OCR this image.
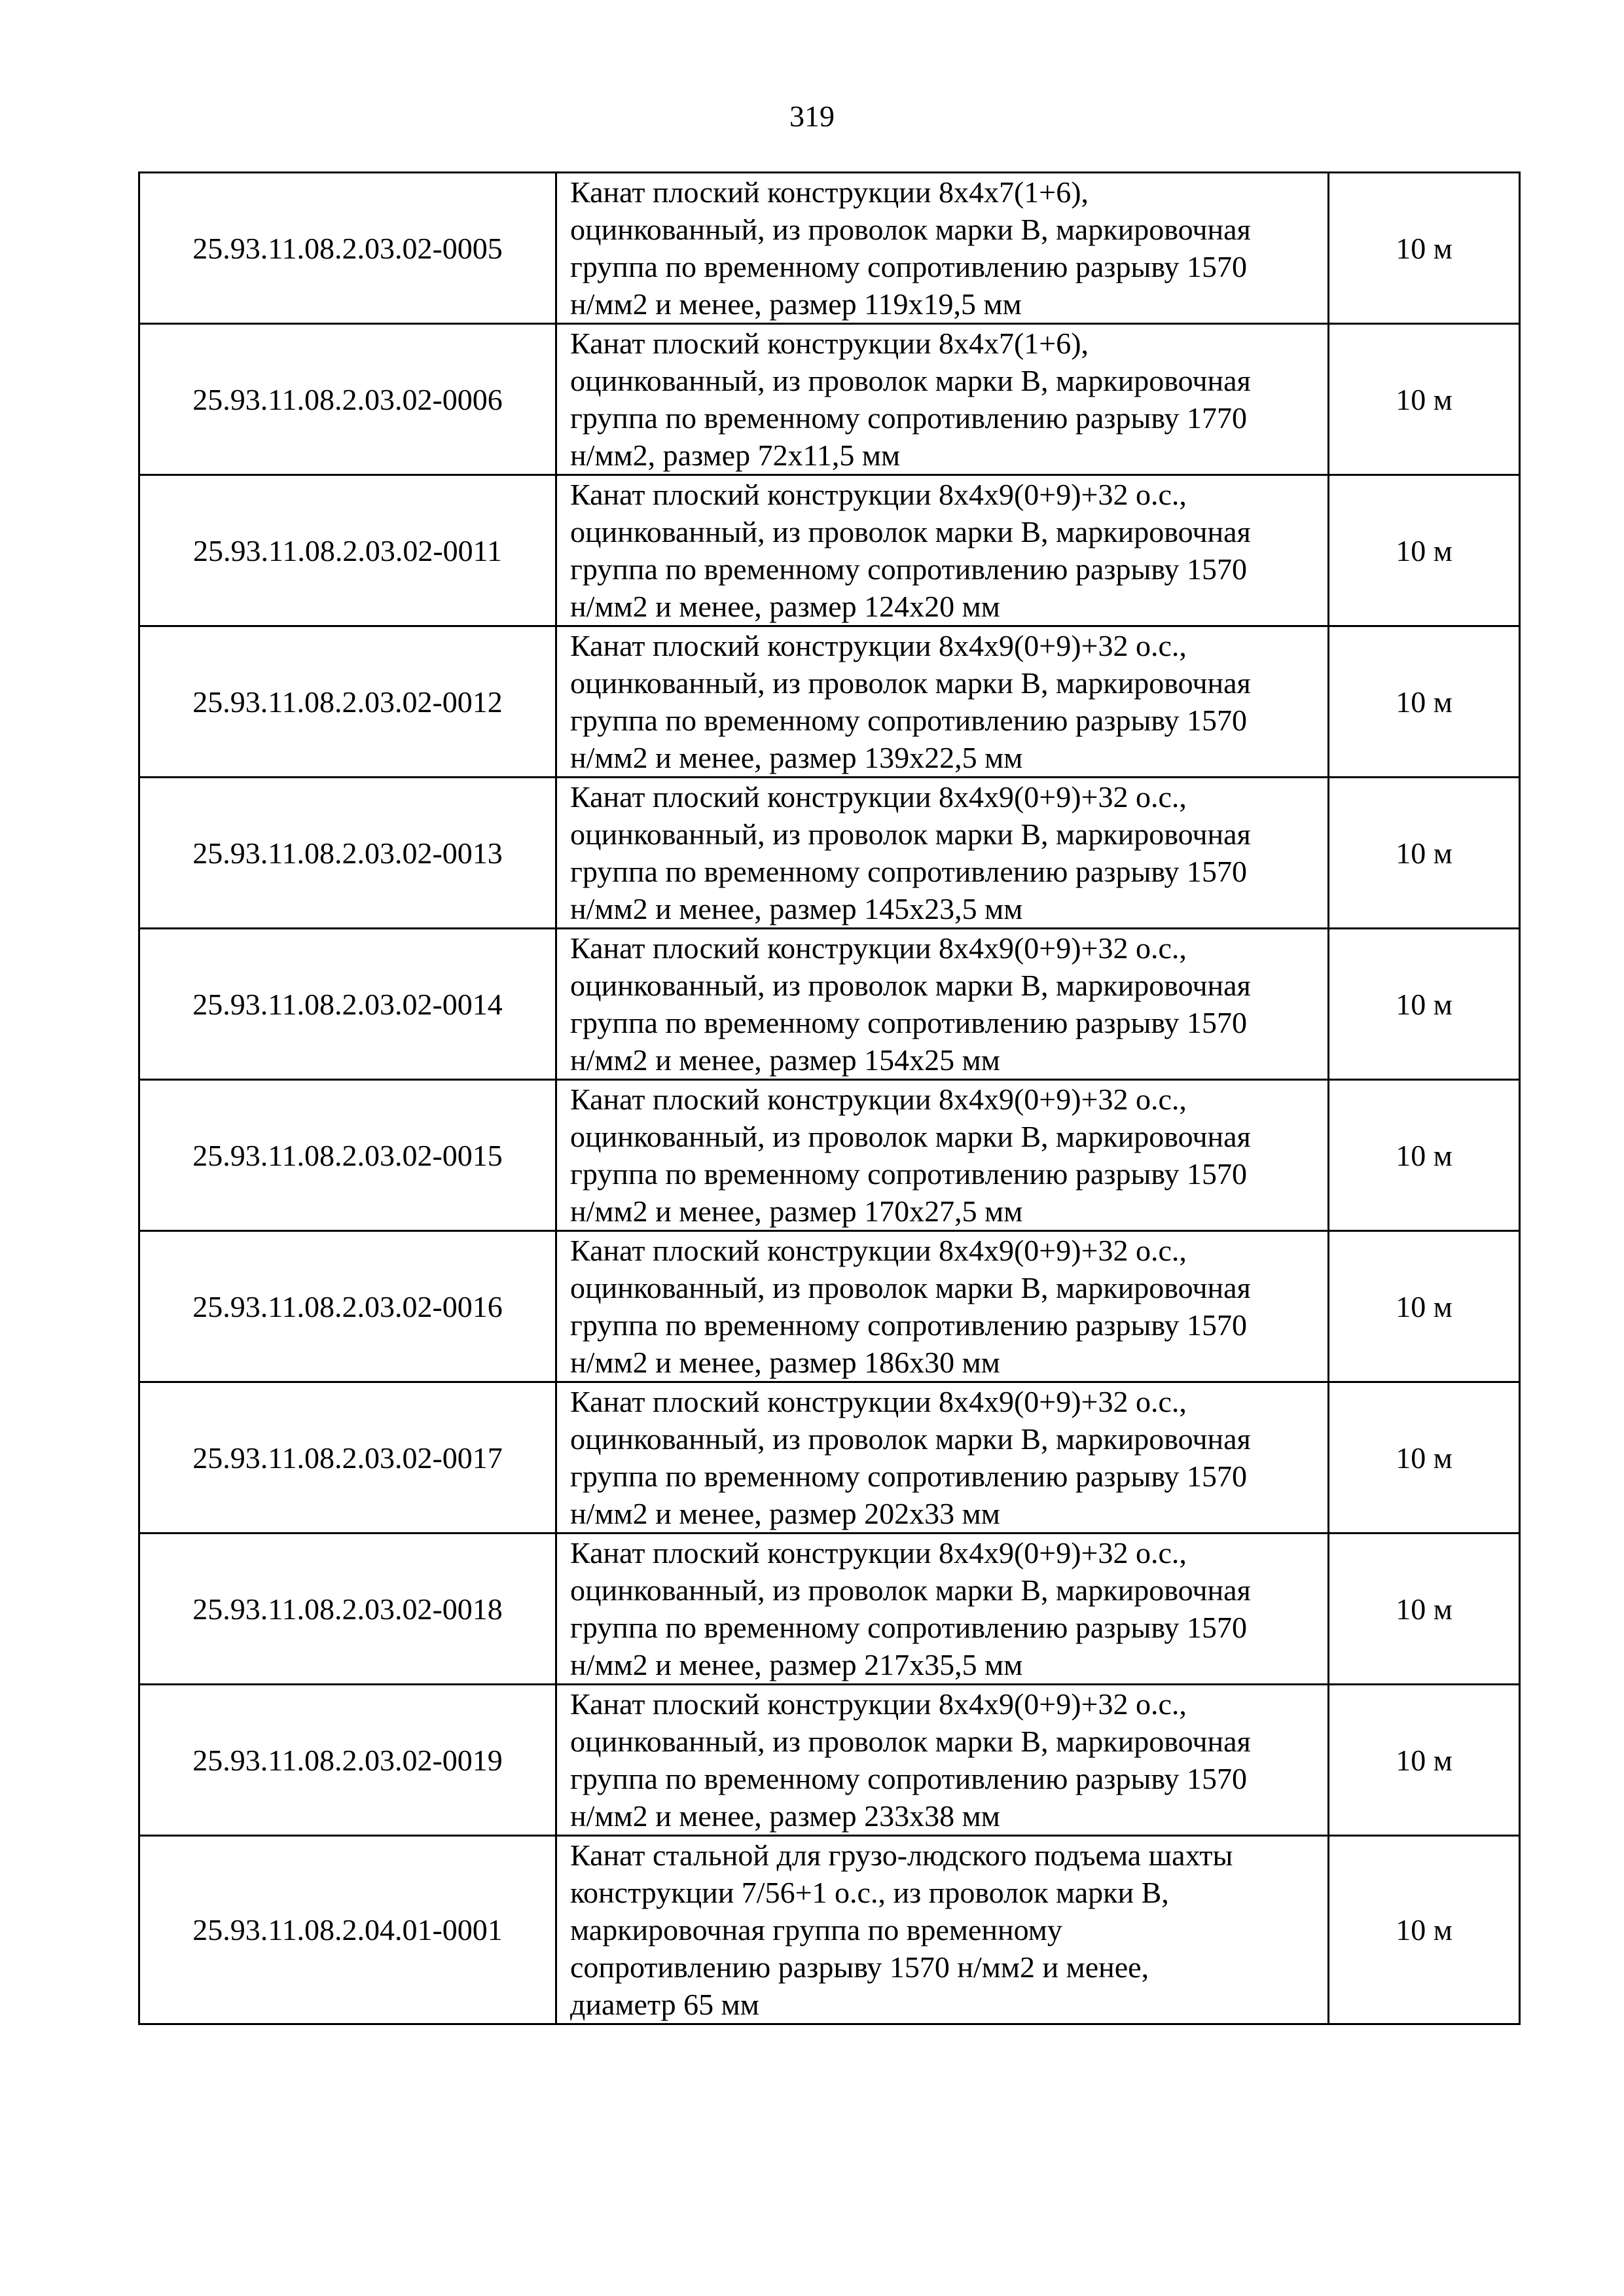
319
25.93.11.08.2.03.02-0005	Канат плоский конструкции 8х4х7(1+6),
оцинкованный, из проволок марки В, маркировочная
группа по временному сопротивлению разрыву 1570
н/мм2 и менее, размер 119х19,5 мм	10 м
25.93.11.08.2.03.02-0006	Канат плоский конструкции 8х4х7(1+6),
оцинкованный, из проволок марки В, маркировочная
группа по временному сопротивлению разрыву 1770
н/мм2, размер 72х11,5 мм	10 м
25.93.11.08.2.03.02-0011	Канат плоский конструкции 8х4х9(0+9)+32 о.с.,
оцинкованный, из проволок марки В, маркировочная
группа по временному сопротивлению разрыву 1570
н/мм2 и менее, размер 124х20 мм	10 м
25.93.11.08.2.03.02-0012	Канат плоский конструкции 8х4х9(0+9)+32 о.с.,
оцинкованный, из проволок марки В, маркировочная
группа по временному сопротивлению разрыву 1570
н/мм2 и менее, размер 139х22,5 мм	10 м
25.93.11.08.2.03.02-0013	Канат плоский конструкции 8х4х9(0+9)+32 о.с.,
оцинкованный, из проволок марки В, маркировочная
группа по временному сопротивлению разрыву 1570
н/мм2 и менее, размер 145х23,5 мм	10 м
25.93.11.08.2.03.02-0014	Канат плоский конструкции 8х4х9(0+9)+32 о.с.,
оцинкованный, из проволок марки В, маркировочная
группа по временному сопротивлению разрыву 1570
н/мм2 и менее, размер 154х25 мм	10 м
25.93.11.08.2.03.02-0015	Канат плоский конструкции 8х4х9(0+9)+32 о.с.,
оцинкованный, из проволок марки В, маркировочная
группа по временному сопротивлению разрыву 1570
н/мм2 и менее, размер 170х27,5 мм	10 м
25.93.11.08.2.03.02-0016	Канат плоский конструкции 8х4х9(0+9)+32 о.с.,
оцинкованный, из проволок марки В, маркировочная
группа по временному сопротивлению разрыву 1570
н/мм2 и менее, размер 186х30 мм	10 м
25.93.11.08.2.03.02-0017	Канат плоский конструкции 8х4х9(0+9)+32 о.с.,
оцинкованный, из проволок марки В, маркировочная
группа по временному сопротивлению разрыву 1570
н/мм2 и менее, размер 202х33 мм	10 м
25.93.11.08.2.03.02-0018	Канат плоский конструкции 8х4х9(0+9)+32 о.с.,
оцинкованный, из проволок марки В, маркировочная
группа по временному сопротивлению разрыву 1570
н/мм2 и менее, размер 217х35,5 мм	10 м
25.93.11.08.2.03.02-0019	Канат плоский конструкции 8х4х9(0+9)+32 о.с.,
оцинкованный, из проволок марки В, маркировочная
группа по временному сопротивлению разрыву 1570
н/мм2 и менее, размер 233х38 мм	10 м
25.93.11.08.2.04.01-0001	Канат стальной для грузо-людского подъема шахты
конструкции 7/56+1 о.с., из проволок марки В,
маркировочная группа по временному
сопротивлению разрыву 1570 н/мм2 и менее,
диаметр 65 мм	10 м
